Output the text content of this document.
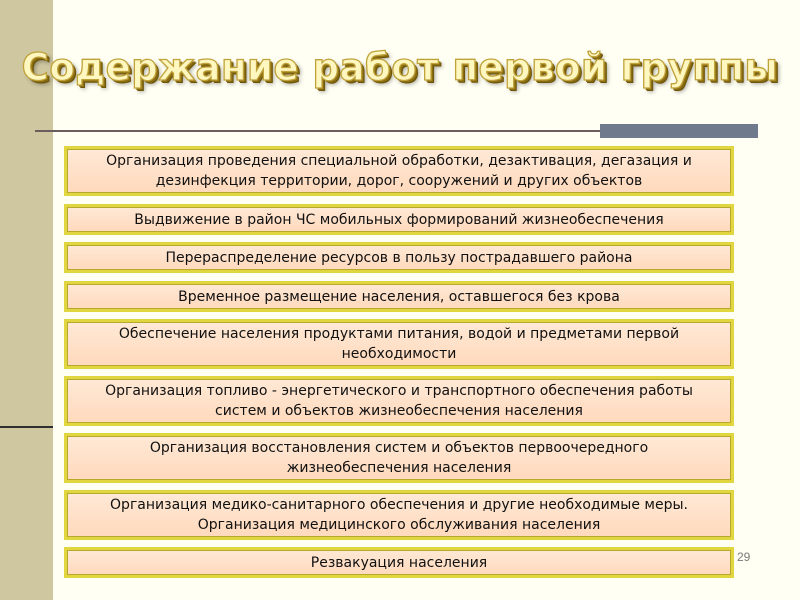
Содержание работ первой группы
Организация проведения специальной обработки, дезактивация, дегазация и дезинфекция территории, дорог, сооружений и других объектов
Выдвижение в район ЧС мобильных формирований жизнеобеспечения
Перераспределение ресурсов в пользу пострадавшего района
Временное размещение населения, оставшегося без крова
Обеспечение населения продуктами питания, водой и предметами первой необходимости
Организация топливо - энергетического и транспортного обеспечения работы систем и объектов жизнеобеспечения населения
Организация восстановления систем и объектов первоочередного жизнеобеспечения населения
Организация медико-санитарного обеспечения и другие необходимые меры. Организация медицинского обслуживания населения
Резвакуация населения	29
